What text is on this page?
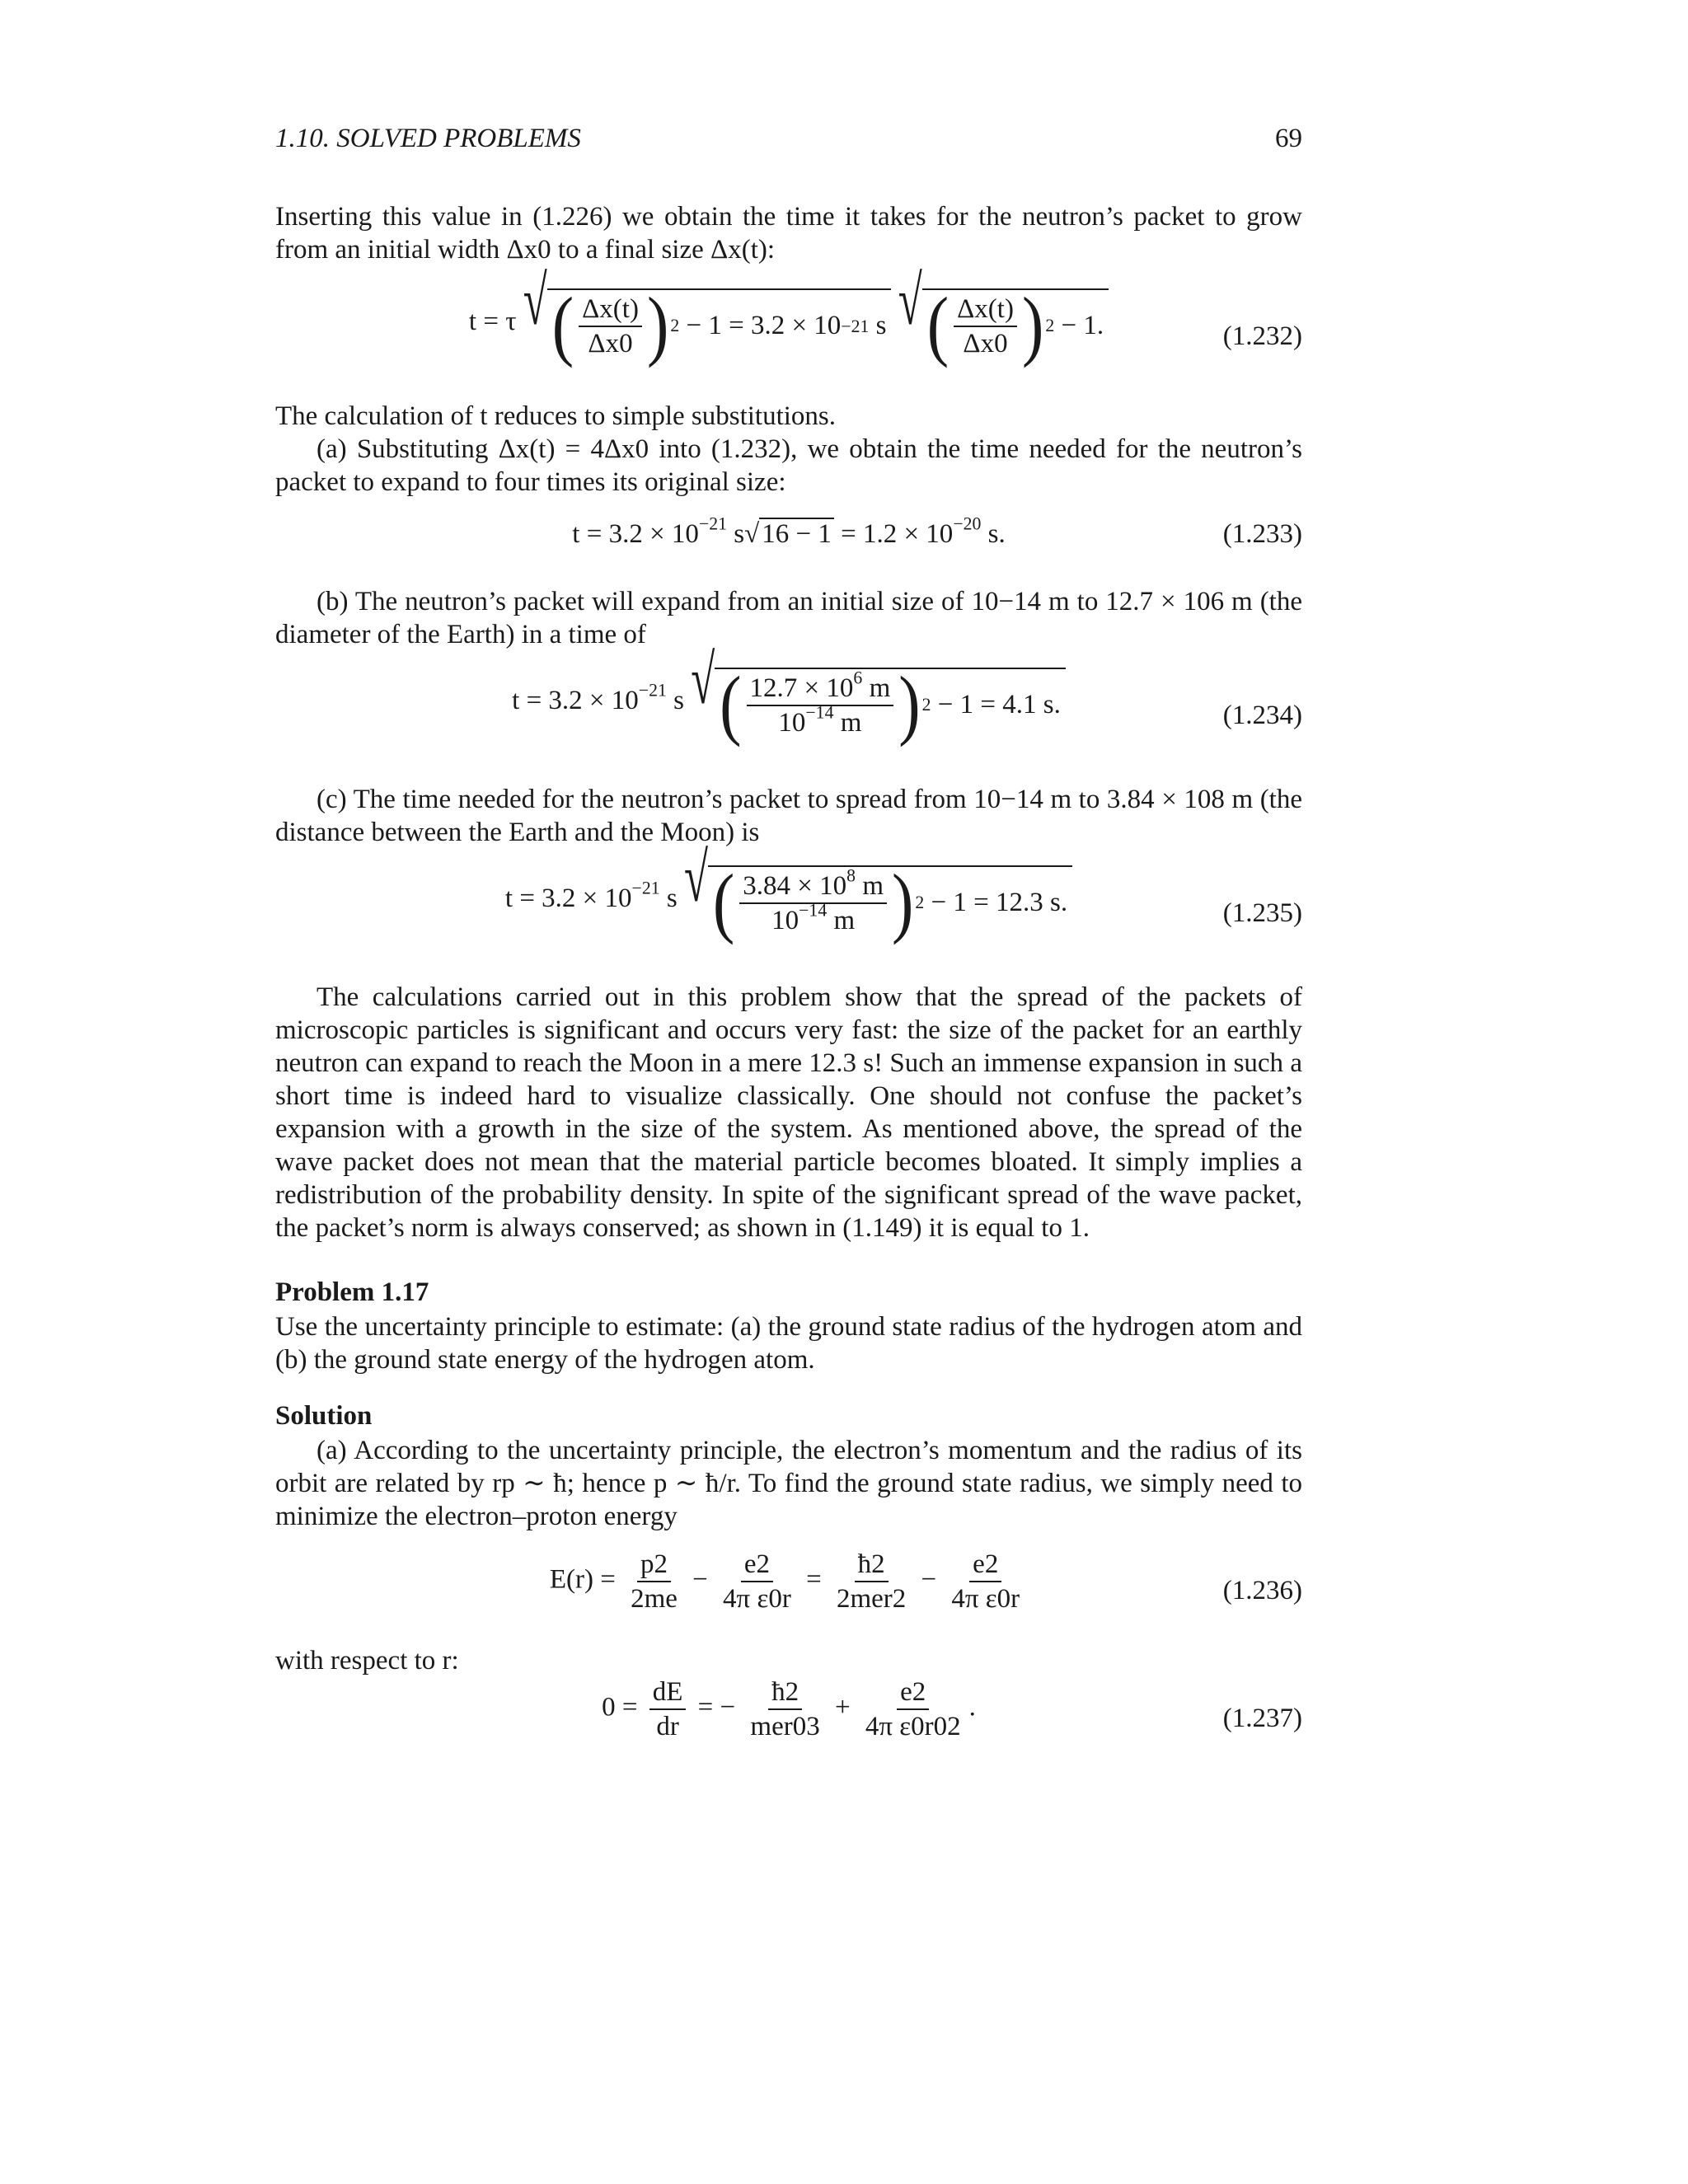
1.10. SOLVED PROBLEMS	69
Inserting this value in (1.226) we obtain the time it takes for the neutron’s packet to grow from an initial width Δx0 to a final size Δx(t):
t = τ √ ( $\frac{\Delta x(t)}{\Delta x0}$ ) 2
− 1 = 3.2 × 10 −21
s
√ ( $\frac{\Delta x(t)}{\Delta x0}$ ) 2
− 1.	(1.232)
The calculation of t reduces to simple substitutions.
(a) Substituting Δx(t) = 4Δx0 into (1.232), we obtain the time needed for the neutron’s packet to expand to four times its original size:
$t = 3.2 \times 10^{-21}$ $s√16 - 1 = 1.2 \times 10^{-20}$ s.	(1.233)
(b) The neutron’s packet will expand from an initial size of 10−14 m to 12.7 × 106 m (the diameter of the Earth) in a time of
$t = 3.2 \times 10^{-21}$ s √ ( $\frac{12.7 \times 10^6 m}{10^{-14} m}$ ) 2
− 1 = 4.1 s.	(1.234)
(c) The time needed for the neutron’s packet to spread from 10−14 m to 3.84 × 108 m (the distance between the Earth and the Moon) is
$t = 3.2 \times 10^{-21}$ s √ ( $\frac{3.84 \times 10^8 m}{10^{-14} m}$ ) 2
− 1 = 12.3 s.	(1.235)
The calculations carried out in this problem show that the spread of the packets of microscopic particles is significant and occurs very fast: the size of the packet for an earthly neutron can expand to reach the Moon in a mere 12.3 s! Such an immense expansion in such a short time is indeed hard to visualize classically. One should not confuse the packet’s expansion with a growth in the size of the system. As mentioned above, the spread of the wave packet does not mean that the material particle becomes bloated. It simply implies a redistribution of the probability density. In spite of the significant spread of the wave packet, the packet’s norm is always conserved; as shown in (1.149) it is equal to 1.
Problem 1.17
Use the uncertainty principle to estimate: (a) the ground state radius of the hydrogen atom and (b) the ground state energy of the hydrogen atom.
Solution
(a) According to the uncertainty principle, the electron’s momentum and the radius of its orbit are related by rp ∼ ħ; hence p ∼ ħ/r. To find the ground state radius, we simply need to minimize the electron–proton energy
$E(r) = \frac{p2}{2me} - \frac{e2}{\text{4π ε0r}} = \frac{ħ2}{\text{2mer2}} - \frac{e2}{\text{4π ε0r}}$	(1.236)
with respect to r:
$0 = \frac{dE}{dr}$ = − $\frac{ħ2}{\text{mer03}} + \frac{e2}{\text{4π ε0r02}}$ .	(1.237)
